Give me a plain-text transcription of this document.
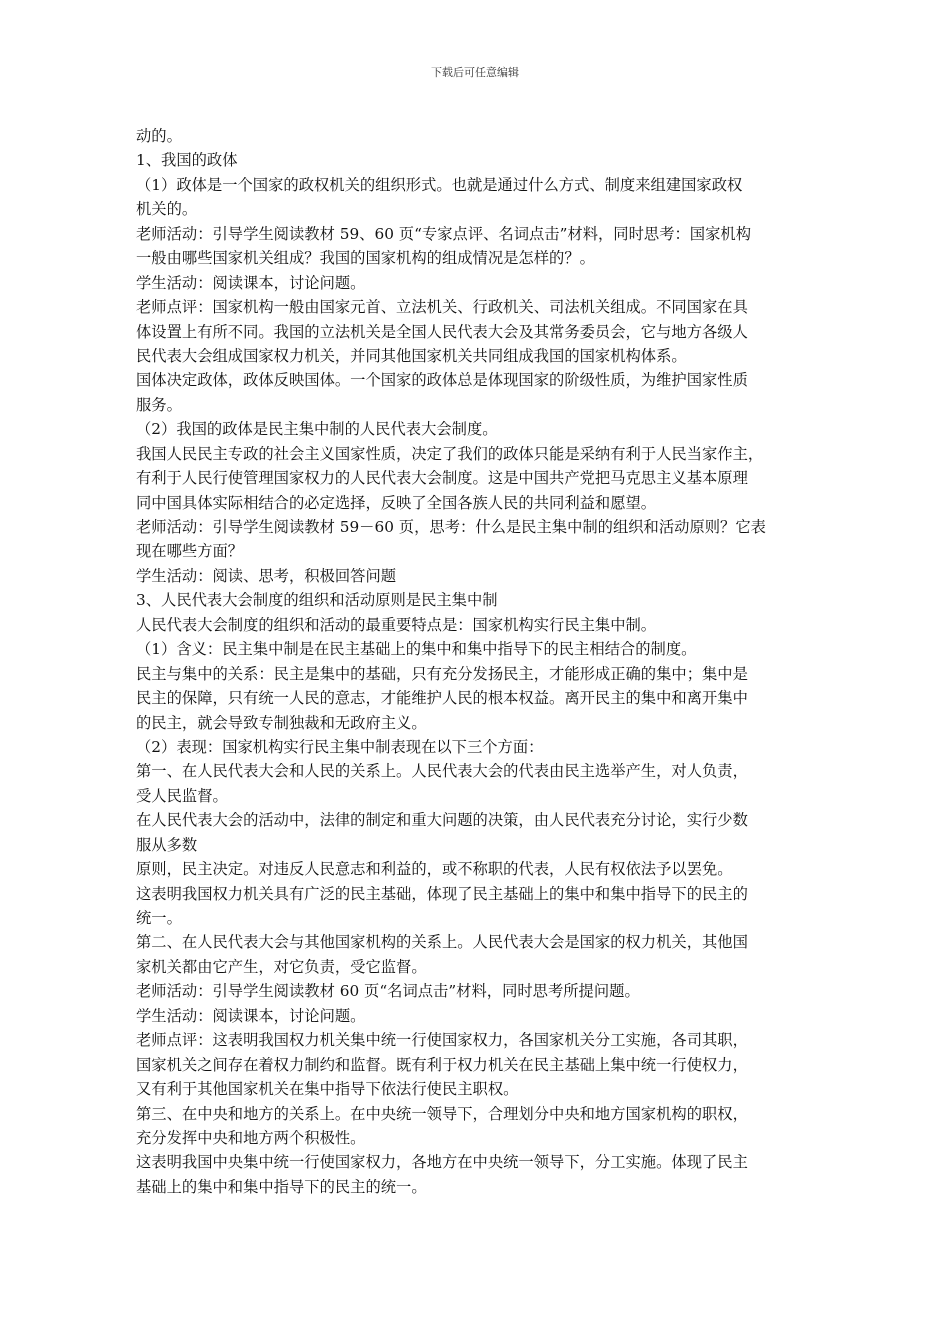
下载后可任意编辑
动的。
1、我国的政体
（1）政体是一个国家的政权机关的组织形式。也就是通过什么方式、制度来组建国家政权
机关的。
老师活动：引导学生阅读教材 59、60 页“专家点评、名词点击”材料，同时思考：国家机构
一般由哪些国家机关组成？我国的国家机构的组成情况是怎样的？。
学生活动：阅读课本，讨论问题。
老师点评：国家机构一般由国家元首、立法机关、行政机关、司法机关组成。不同国家在具
体设置上有所不同。我国的立法机关是全国人民代表大会及其常务委员会，它与地方各级人
民代表大会组成国家权力机关，并同其他国家机关共同组成我国的国家机构体系。
国体决定政体，政体反映国体。一个国家的政体总是体现国家的阶级性质，为维护国家性质
服务。
（2）我国的政体是民主集中制的人民代表大会制度。
我国人民民主专政的社会主义国家性质，决定了我们的政体只能是采纳有利于人民当家作主，
有利于人民行使管理国家权力的人民代表大会制度。这是中国共产党把马克思主义基本原理
同中国具体实际相结合的必定选择，反映了全国各族人民的共同利益和愿望。
老师活动：引导学生阅读教材 59－60 页，思考：什么是民主集中制的组织和活动原则？它表
现在哪些方面？
学生活动：阅读、思考，积极回答问题
3、人民代表大会制度的组织和活动原则是民主集中制
人民代表大会制度的组织和活动的最重要特点是：国家机构实行民主集中制。
（1）含义：民主集中制是在民主基础上的集中和集中指导下的民主相结合的制度。
民主与集中的关系：民主是集中的基础，只有充分发扬民主，才能形成正确的集中；集中是
民主的保障，只有统一人民的意志，才能维护人民的根本权益。离开民主的集中和离开集中
的民主，就会导致专制独裁和无政府主义。
（2）表现：国家机构实行民主集中制表现在以下三个方面：
第一、在人民代表大会和人民的关系上。人民代表大会的代表由民主选举产生，对人负责，
受人民监督。
在人民代表大会的活动中，法律的制定和重大问题的决策，由人民代表充分讨论，实行少数
服从多数
原则，民主决定。对违反人民意志和利益的，或不称职的代表，人民有权依法予以罢免。
这表明我国权力机关具有广泛的民主基础，体现了民主基础上的集中和集中指导下的民主的
统一。
第二、在人民代表大会与其他国家机构的关系上。人民代表大会是国家的权力机关，其他国
家机关都由它产生，对它负责，受它监督。
老师活动：引导学生阅读教材 60 页“名词点击”材料，同时思考所提问题。
学生活动：阅读课本，讨论问题。
老师点评：这表明我国权力机关集中统一行使国家权力，各国家机关分工实施，各司其职，
国家机关之间存在着权力制约和监督。既有利于权力机关在民主基础上集中统一行使权力，
又有利于其他国家机关在集中指导下依法行使民主职权。
第三、在中央和地方的关系上。在中央统一领导下，合理划分中央和地方国家机构的职权，
充分发挥中央和地方两个积极性。
这表明我国中央集中统一行使国家权力，各地方在中央统一领导下，分工实施。体现了民主
基础上的集中和集中指导下的民主的统一。
